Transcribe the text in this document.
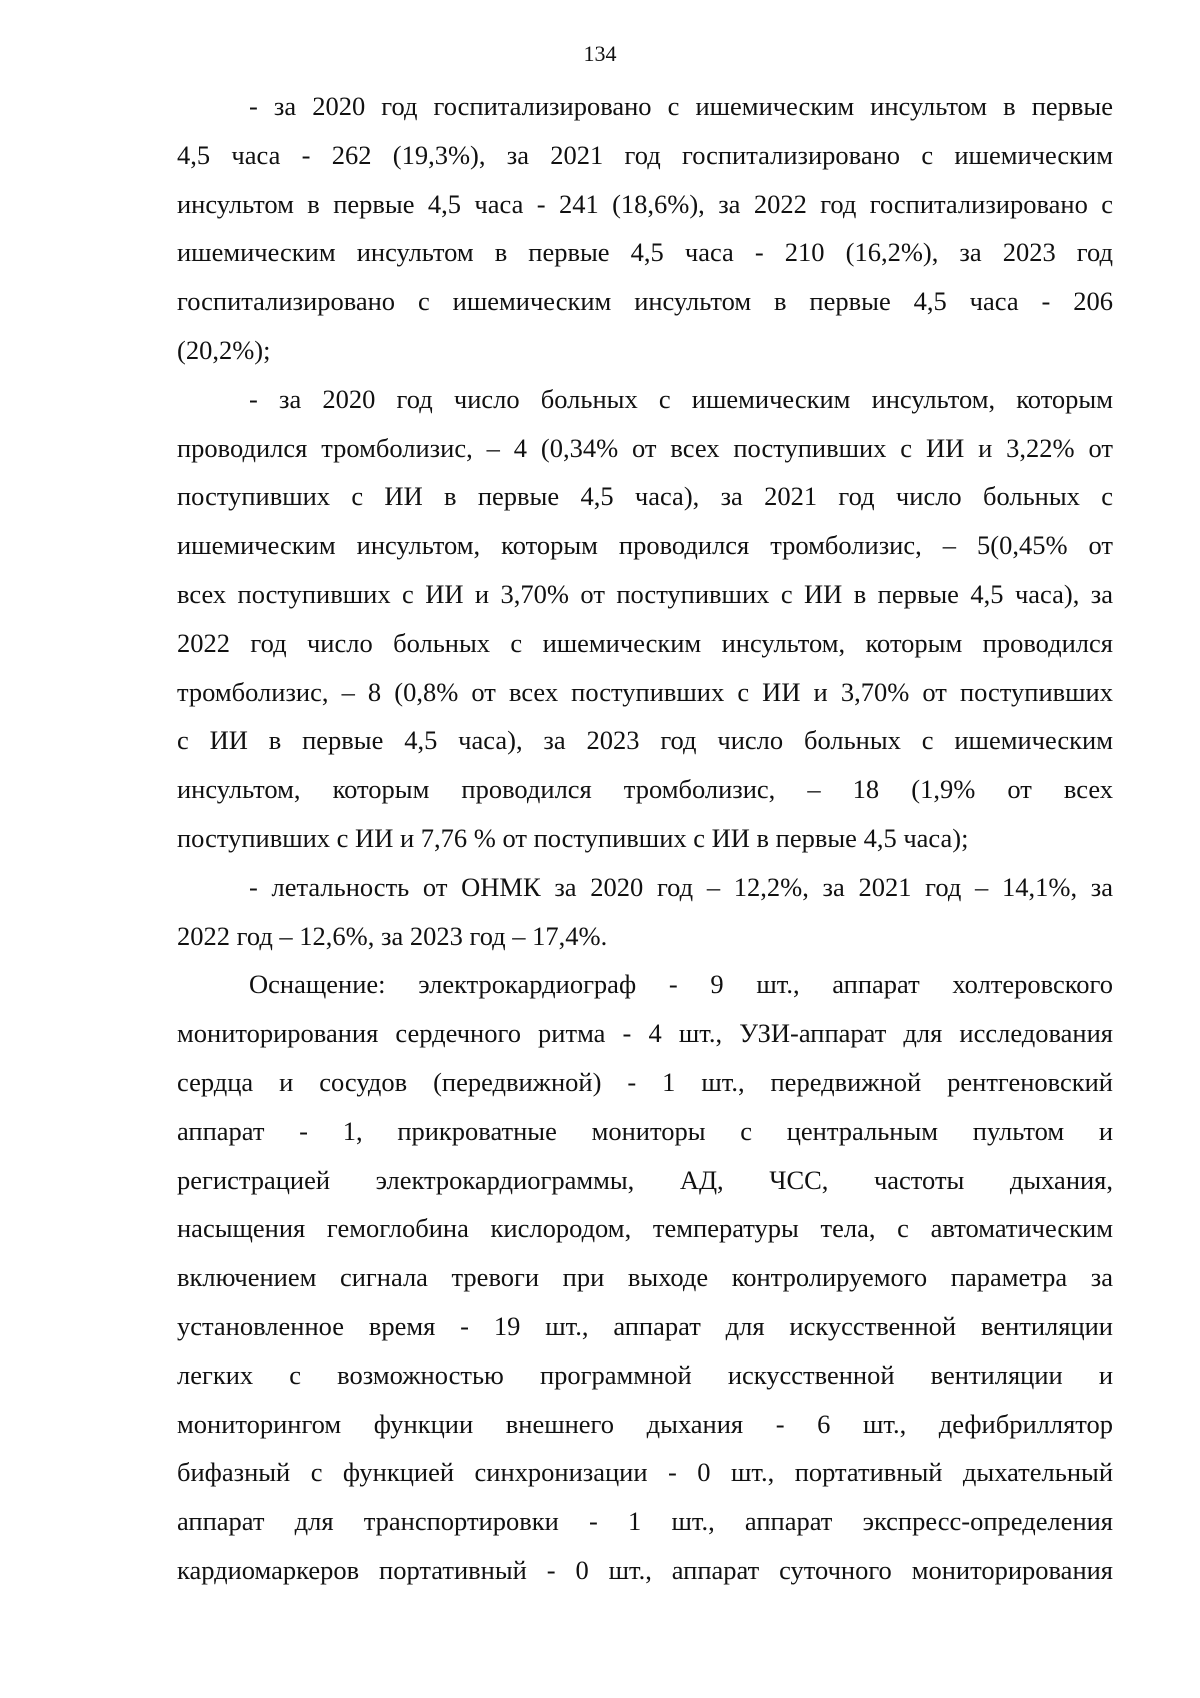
134
- за 2020 год госпитализировано с ишемическим инсультом в первые
4,5 часа - 262 (19,3%), за 2021 год госпитализировано с ишемическим
инсультом в первые 4,5 часа - 241 (18,6%), за 2022 год госпитализировано с
ишемическим инсультом в первые 4,5 часа - 210 (16,2%), за 2023 год
госпитализировано с ишемическим инсультом в первые 4,5 часа - 206
(20,2%);
- за 2020 год число больных с ишемическим инсультом, которым
проводился тромболизис, – 4 (0,34% от всех поступивших с ИИ и 3,22% от
поступивших с ИИ в первые 4,5 часа), за 2021 год число больных с
ишемическим инсультом, которым проводился тромболизис, – 5(0,45% от
всех поступивших с ИИ и 3,70% от поступивших с ИИ в первые 4,5 часа), за
2022 год число больных с ишемическим инсультом, которым проводился
тромболизис, – 8 (0,8% от всех поступивших с ИИ и 3,70% от поступивших
с ИИ в первые 4,5 часа), за 2023 год число больных с ишемическим
инсультом, которым проводился тромболизис, – 18 (1,9% от всех
поступивших с ИИ и 7,76 % от поступивших с ИИ в первые 4,5 часа);
- летальность от ОНМК за 2020 год – 12,2%, за 2021 год – 14,1%, за
2022 год – 12,6%, за 2023 год – 17,4%.
Оснащение: электрокардиограф - 9 шт., аппарат холтеровского
мониторирования сердечного ритма - 4 шт., УЗИ-аппарат для исследования
сердца и сосудов (передвижной) - 1 шт., передвижной рентгеновский
аппарат - 1, прикроватные мониторы с центральным пультом и
регистрацией электрокардиограммы, АД, ЧСС, частоты дыхания,
насыщения гемоглобина кислородом, температуры тела, с автоматическим
включением сигнала тревоги при выходе контролируемого параметра за
установленное время - 19 шт., аппарат для искусственной вентиляции
легких с возможностью программной искусственной вентиляции и
мониторингом функции внешнего дыхания - 6 шт., дефибриллятор
бифазный с функцией синхронизации - 0 шт., портативный дыхательный
аппарат для транспортировки - 1 шт., аппарат экспресс-определения
кардиомаркеров портативный - 0 шт., аппарат суточного мониторирования
